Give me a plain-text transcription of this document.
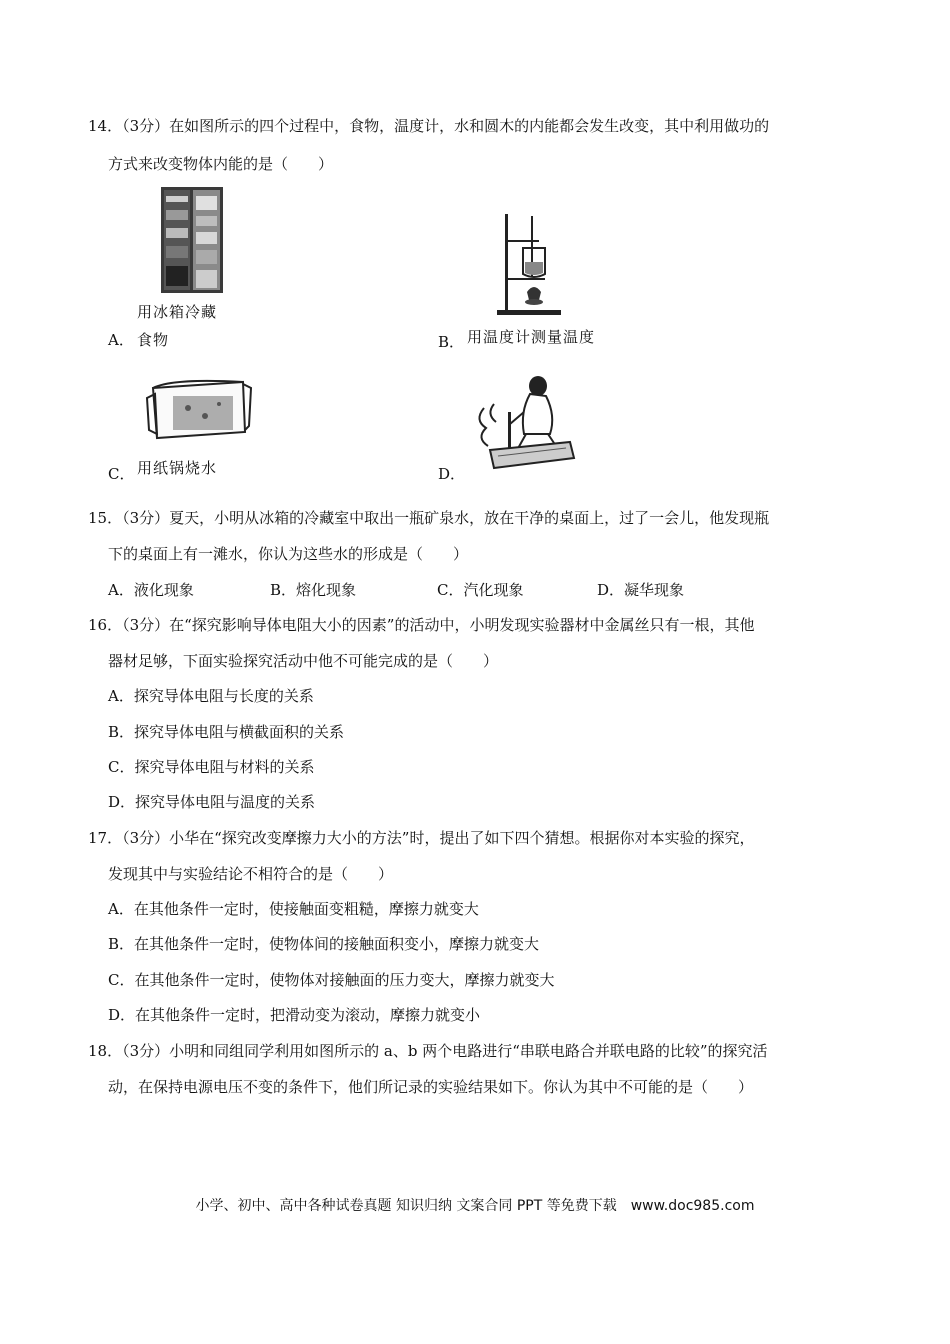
14．（3分）在如图所示的四个过程中，食物，温度计，水和圆木的内能都会发生改变，其中利用做功的
方式来改变物体内能的是（　　）
用冰箱冷藏
A． 食物	B． 用温度计测量温度
C． 用纸锅烧水	D．
15．（3分）夏天，小明从冰箱的冷藏室中取出一瓶矿泉水，放在干净的桌面上，过了一会儿，他发现瓶
下的桌面上有一滩水，你认为这些水的形成是（　　）
A．液化现象	B．熔化现象	C．汽化现象	D．凝华现象
16．（3分）在“探究影响导体电阻大小的因素”的活动中，小明发现实验器材中金属丝只有一根，其他
器材足够，下面实验探究活动中他不可能完成的是（　　）
A．探究导体电阻与长度的关系
B．探究导体电阻与横截面积的关系
C．探究导体电阻与材料的关系
D．探究导体电阻与温度的关系
17．（3分）小华在“探究改变摩擦力大小的方法”时，提出了如下四个猜想。根据你对本实验的探究，
发现其中与实验结论不相符合的是（　　）
A．在其他条件一定时，使接触面变粗糙，摩擦力就变大
B．在其他条件一定时，使物体间的接触面积变小，摩擦力就变大
C．在其他条件一定时，使物体对接触面的压力变大，摩擦力就变大
D．在其他条件一定时，把滑动变为滚动，摩擦力就变小
18．（3分）小明和同组同学利用如图所示的 a、b 两个电路进行“串联电路合并联电路的比较”的探究活
动，在保持电源电压不变的条件下，他们所记录的实验结果如下。你认为其中不可能的是（　　）
小学、初中、高中各种试卷真题 知识归纳 文案合同 PPT 等免费下载　www.doc985.com
